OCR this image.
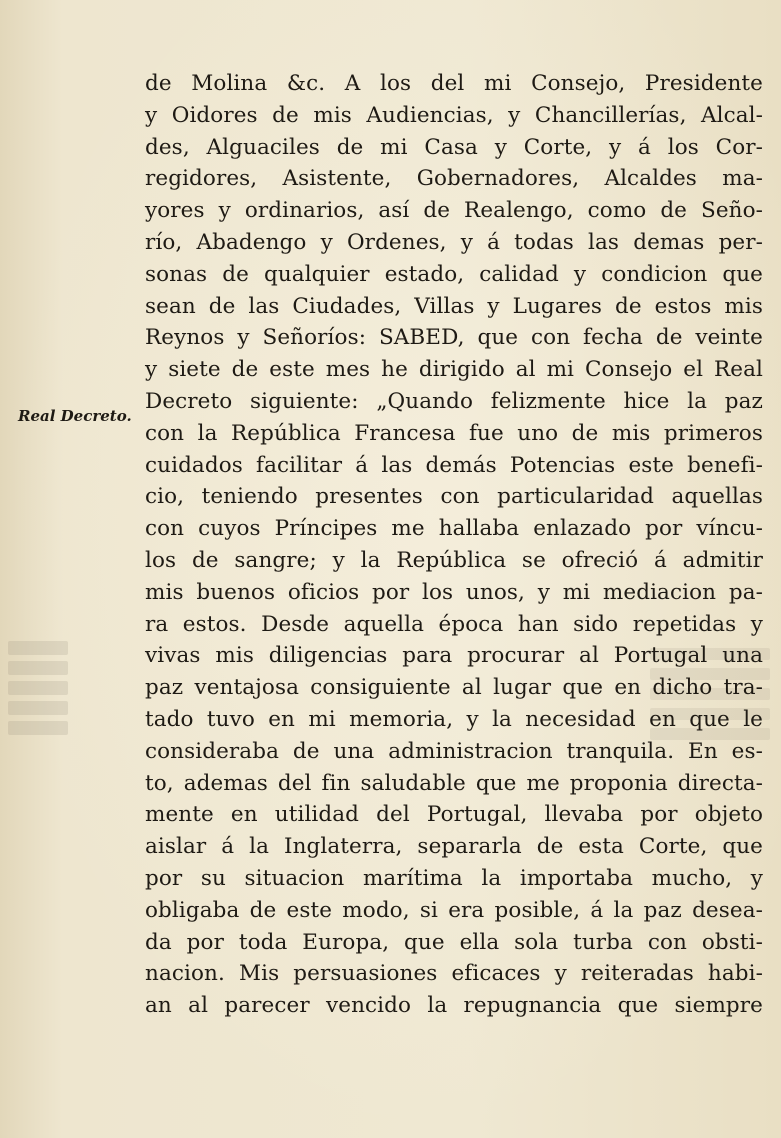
Real Decreto.
de Molina &c. A los del mi Consejo, Presidente
y Oidores de mis Audiencias, y Chancillerías, Alcal-
des, Alguaciles de mi Casa y Corte, y á los Cor-
regidores, Asistente, Gobernadores, Alcaldes ma-
yores y ordinarios, así de Realengo, como de Seño-
río, Abadengo y Ordenes, y á todas las demas per-
sonas de qualquier estado, calidad y condicion que
sean de las Ciudades, Villas y Lugares de estos mis
Reynos y Señoríos: SABED, que con fecha de veinte
y siete de este mes he dirigido al mi Consejo el Real
Decreto siguiente: „Quando felizmente hice la paz
con la República Francesa fue uno de mis primeros
cuidados facilitar á las demás Potencias este benefi-
cio, teniendo presentes con particularidad aquellas
con cuyos Príncipes me hallaba enlazado por víncu-
los de sangre; y la República se ofreció á admitir
mis buenos oficios por los unos, y mi mediacion pa-
ra estos. Desde aquella época han sido repetidas y
vivas mis diligencias para procurar al Portugal una
paz ventajosa consiguiente al lugar que en dicho tra-
tado tuvo en mi memoria, y la necesidad en que le
consideraba de una administracion tranquila. En es-
to, ademas del fin saludable que me proponia directa-
mente en utilidad del Portugal, llevaba por objeto
aislar á la Inglaterra, separarla de esta Corte, que
por su situacion marítima la importaba mucho, y
obligaba de este modo, si era posible, á la paz desea-
da por toda Europa, que ella sola turba con obsti-
nacion. Mis persuasiones eficaces y reiteradas habi-
an al parecer vencido la repugnancia que siempre
